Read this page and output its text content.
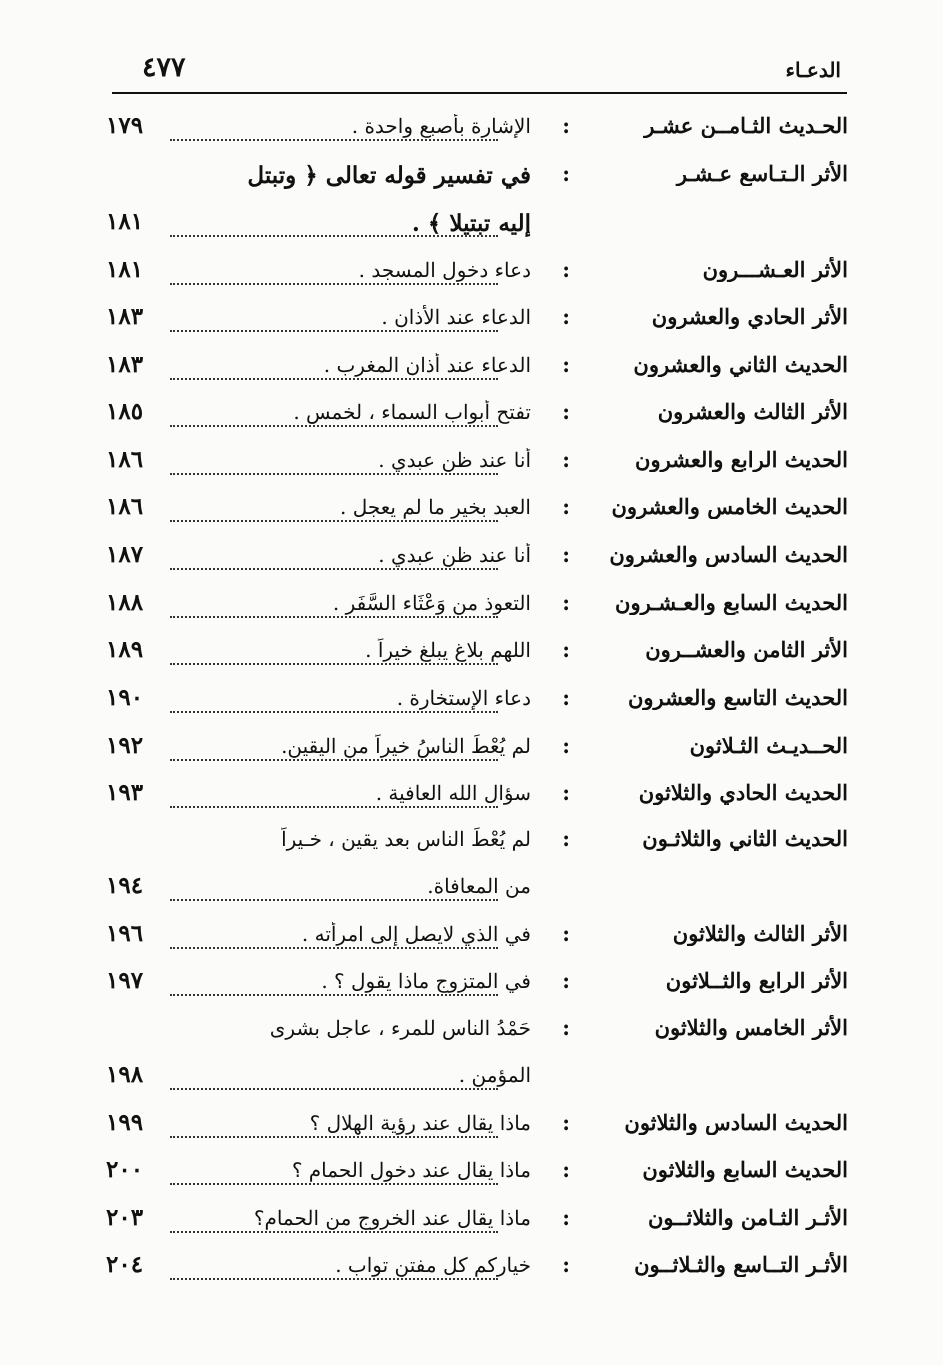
الدعـاء
٤٧٧
الحـديث الثـامــن عشـر
:
الإشارة بأصبع واحدة .
١٧٩
الأثر الـتـاسع عـشـر
:
في تفسير قوله تعالى ﴿ وتبتل
إليه تبتيلا ﴾ .
١٨١
الأثر العـشـــرون
:
دعاء دخول المسجد .
١٨١
الأثر الحادي والعشرون
:
الدعاء عند الأذان .
١٨٣
الحديث الثاني والعشرون
:
الدعاء عند أذان المغرب .
١٨٣
الأثر الثالث والعشرون
:
تفتح أبواب السماء ، لخمس .
١٨٥
الحديث الرابع والعشرون
:
أنا عند ظن عبدي .
١٨٦
الحديث الخامس والعشرون
:
العبد بخير ما لم يعجل .
١٨٦
الحديث السادس والعشرون
:
أنا عند ظن عبدي .
١٨٧
الحديث السابع والعـشـرون
:
التعوذ من وَعْثَاء السَّفَر .
١٨٨
الأثر الثامن والعشــرون
:
اللهم بلاغ يبلغ خيراً .
١٨٩
الحديث التاسع والعشرون
:
دعاء الإستخارة .
١٩٠
الحــديـث الثـلاثون
:
لم يُعْطَ الناسُ خيراً من اليقين.
١٩٢
الحديث الحادي والثلاثون
:
سؤال الله العافية .
١٩٣
الحديث الثاني والثلاثـون
:
لم يُعْطَ الناس بعد يقين ، خـيراً
من المعافاة.
١٩٤
الأثر الثالث والثلاثون
:
في الذي لايصل إلى امرأته .
١٩٦
الأثر الرابع والثــلاثون
:
في المتزوج ماذا يقول ؟ .
١٩٧
الأثر الخامس والثلاثون
:
حَمْدُ الناس للمرء ، عاجل بشرى
المؤمن .
١٩٨
الحديث السادس والثلاثون
:
ماذا يقال عند رؤية الهلال ؟
١٩٩
الحديث السابع والثلاثون
:
ماذا يقال عند دخول الحمام ؟
٢٠٠
الأثـر الثـامن والثلاثــون
:
ماذا يقال عند الخروج من الحمام؟
٢٠٣
الأثـر التــاسع والثـلاثــون
:
خياركم كل مفتن تواب .
٢٠٤
